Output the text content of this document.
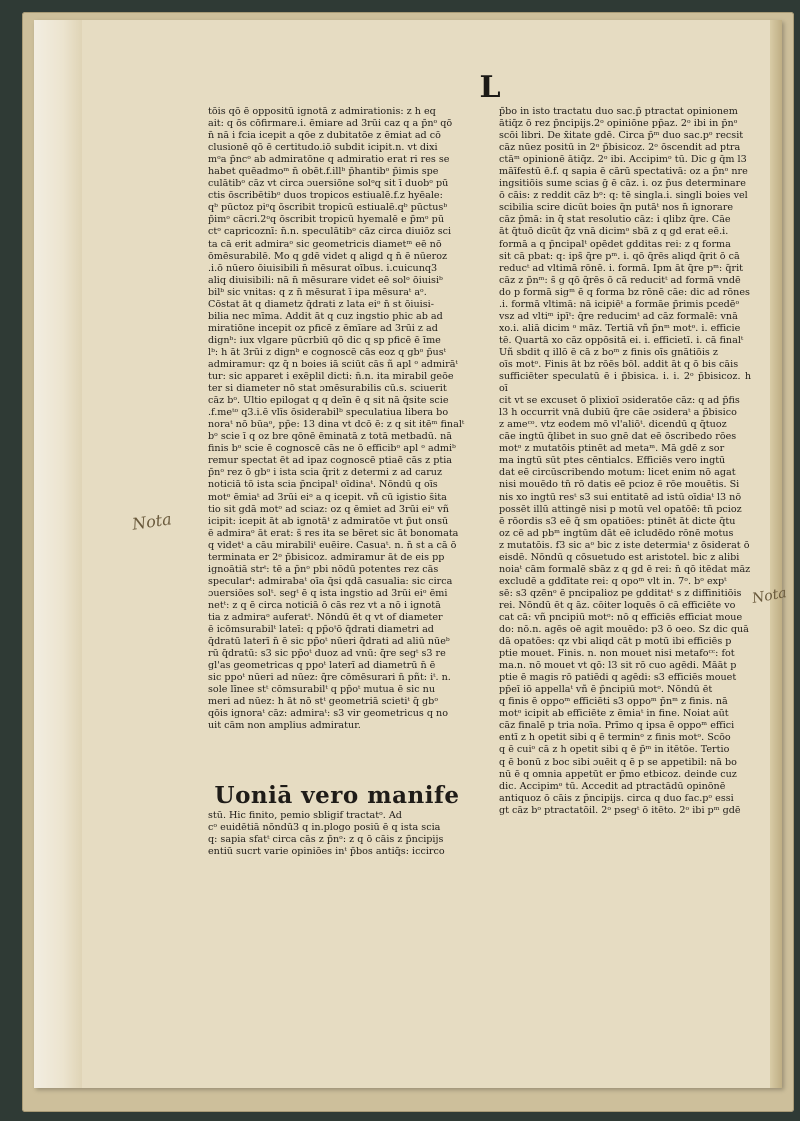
L
tōis qō ē oppositū ignotā z admirationis: z h̄ eq
ait: q ōs cōfirmare.i. ēmiare ad 3rūi caz q a p̄nᵒ qō
n̄ nā i fcia icepit a qōe z dubitatōe z ēmiat ad cō
clusionē qō ē certitudo.iō subdit icipit.n. vt dixi
mᵒa p̄ncᵒ ab admiratōne q admiratio erat ri res se
habet quēadmoᵐ n̄ obēt.f.illᵇ p̄hantibᵒ p̄imis spe
culātibᵒ cāz vt circa ɔuersiōne solᵒq sit ī duobᵒ pū
ctis ōscribētibᵒ duos tropicos estiualē.f.z hyēale:
qᵇ pūctoz piᵒq ōscribit tropicū estiualē.qᵇ pūctusᵇ
p̄imᵒ cācri.2ᵒq ōscribit tropicū hyemalē e p̄mᵒ pū
ctᵒ capricoznī: n̄.n. speculātibᵒ cāz circa diuiōz sci
ta cā erit admiraᵒ sic geometricis diametᵐ eē nō
ōmēsurabilē. Mo q gdē videt q aligd q n̄ ē nūeroz
.i.ō nūero ōiuisibili n̄ mēsurat oībus. i.cuicunq3
aliq diuisibili: nā n̄ mēsurare videt eē solᵒ ōiuisiᵇ
bilᵇ sic vnitas: q z n̄ mēsurat ī ipa mēsuraᵗ aᵒ.
Cōstat āt q diametz q̄drati z lata eiᵒ n̄ st ōiuisi-
bilia nec mīma. Addit āt q cuz ingstio phic ab ad
miratiōne incepit oz pficē z ēmīare ad 3rūi z ad
dignᵇ: iux vlgare pūcrbiū qō dic q sp pficē ē īme
lᵇ: h āt 3rūi z dignᵇ e cognoscē cās eoz q gbᵒ p̄usᵗ
admiramur: qz q̄ n boies iā sciūt cās ñ apl ᵒ admirāᵗ
tur: sic apparet i exēplil dicti: n̄.n. ita mirabil geōe
ter si diameter nō stat ɔmēsurabilis cū.s. sciuerit
cāz bᵒ. Ultio epilogat q q deīn ē q sit nā q̄site scie
.f.meᵗᵒ q3.i.ē vlīs ōsiderabilᵇ speculatiua libera bo
noraᵗ nō būaᵒ, pp̄e: 13 dina vt dcō ē: z q sit itēᵐ finalᵗ
bᵒ scie ī q oz bre qōnē ēminatā z totā metbadū. nā
finis bᵒ scie ē cognoscē cās ne ō efficibᵒ apl ᵒ admiᵇ
remur spectat ēt ad ipaz cognoscē ptiaē cās z ptia
p̄nᵒ rez ō gbᵒ i ista scia q̄rit z determi z ad caruz
noticiā tō ista scia p̄ncipalᵗ oīdinaᵗ. Nōndū q oīs
motᵒ ēmiaᵗ ad 3rūi eiᵒ a q icepit. vñ cū igistio s̄ita
tio sit gdā motᵒ ad sciaz: oz q ēmiet ad 3rūi eiᵒ vñ
icipit: icepit āt ab ignotāᵗ z admiratōe vt p̄ut onsū
ē admiraᵒ āt erat: s̄ res ita se bēret sic āt bonomata
q videtᵗ a cāu mirabiliᵗ euēire. Casuaᵗ. n. n̄ st a cā ō
terminata er 2ᵒ p̄bisicoz. admiramur āt de eis pp
ignoātiā strᵗ: tē a p̄nᵒ pbi nōdū potentes rez cās
specularᵗ: admirabaᵗ oīa q̄si qdā casualia: sic circa
ɔuersiōes solᵗ. segᵗ ē q ista ingstio ad 3rūi eiᵒ ēmi
netᵗ: z q ē circa noticiā ō cās rez vt a nō i ignotā
tia z admiraᵒ auferatᵗ. Nōndū ēt q vt of diameter
ē icōmsurabilᵗ lateī: q pp̄oᵗō q̄drati diametri ad
q̄dratū laterī n̄ ē sic pp̄oᵗ nūeri q̄drati ad aliū nūeᵇ
rū q̄dratū: s3 sic pp̄oᵗ duoz ad vnū: q̄re segᵗ s3 re
gl'as geometricas q ppoᵗ laterī ad diametrū n̄ ē
sic ppoᵗ nūeri ad nūez: q̄re cōmēsurari n̄ pñt: iᵗ. n.
sole līnee stᵗ cōmsurabilᵗ q pp̄oᵗ mutua ē sic nu
meri ad nūez: h āt nō stᵗ geometriā scietiᵗ q̄ gbᵒ
qōis ignoraᵗ cāz: admiraᵗ: s3 vir geometricus q no
uit cām non amplius admiratur.
Uoniā vero manife
stū. Hic finito, pemio sbligif tractatᵒ. Ad
cᵒ euidētiā nōndū3 q in.plogo posiū ē q ista scia
q: sapia sfatᵗ circa cās z p̄nᵒ: z q ō cāis z p̄ncipijs
entiū sucrt varie opiniōes inᵗ p̄bos antiq̄s: iccirco
p̄bo in isto tractatu duo sac.p̄ ptractat opinionem
ātiq̄z ō rez p̄ncipijs.2ᵒ opiniōne pp̄az. 2ᵒ ibi in p̄nᵒ
scōi libri. De x̄itate gdē. Circa p̄ᵐ duo sac.pᵒ recsit
cāz nūez positū in 2ᵒ p̄bisicoz. 2ᵒ ōscendit ad ptra
ctāᵐ opinionē ātiq̄z. 2ᵒ ibi. Accipimᵒ tū. Dic g q̄m l3
māīfestū ē.f. q sapia ē cārū spectativā: oz a p̄nᵒ nre
ingsitiōis sume scias ḡ ē cāz. i. oz p̄us determinare
ō cāis: z reddit cāz bᵒ: q: tē singla.i. singli boies vel
scibilia scire dicūt boies q̄n putāᵗ nos n̄ ignorare
cāz p̄mā: in q̄ stat resolutio cāz: i qlibz q̄re. Cāe
āt q̄tuō dicūt q̄z vnā dicimᵒ sbā z q gd erat eē.i.
formā a q p̄ncipalᵗ opēdet gdditas rei: z q forma
sit cā pbat: q: ips̄ q̄re pᵐ. i. qō q̄rēs aliqd q̄rit ō cā
reducᵗ ad vltimā rōnē. i. formā. Ipm āt q̄re pᵐ: q̄rit
cāz z p̄nᵐ: s̄ g qō q̄rēs ō cā reducitᵗ ad formā vndē
do p formā sigᵐ ē q forma bz rōnē cāe: dic ad rōnes
.i. formā vltimā: nā icipiēᵗ a formāe p̄rimis pcedēᵒ
vsz ad vltiᵐ ipīᵗ: q̄re reducimᵗ ad cāz formalē: vnā
xo.i. aliā dicim ᵒ māz. Tertiā vñ p̄nᵐ motᵒ. i. efficie
tē. Quartā xo cāz oppōsitā ei. i. efficietī. i. cā finalᵗ
Uñ sbdit q illō ē cā z boᵐ z finis oīs gnātiōis z
oīs motᵒ. Finis āt bz rōēs bōl. addit āt q ō bis cāis
sufficiēter speculatū ē i p̄bisica. i. i. 2ᵒ p̄bisicoz. h oī
cit vt se excuset ō plixioī ɔsideratōe cāz: q ad p̄fis
l3 h occurrit vnā dubiū q̄re cāe ɔsideraᵗ a p̄bisico
z ameᶜᵒ. vtz eodem mō vl'aliōᵗ. dicendū q q̄tuoz
cāe ingtū q̄libet in suo gnē dat eē ōscribedo rōes
motᵒ z mutatōis ptinēt ad metaᵐ. Mā gdē z sor
ma ingtū sūt ptes cēntialcs. Efficiēs vero ingtū
dat eē circūscribendo motum: licet enim nō agat
nisi mouēdo tn̄ rō datis eē pcioz ē rōe mouētis. Si
nis xo ingtū resᵗ s3 sui entitatē ad istū oīdiaᵗ l3 nō
possēt illū attingē nisi p motū vel opatōē: tn̄ pcioz
ē rōordis s3 eē q̄ sm opatiōes: ptinēt āt dicte q̄tu
oz cē ad pbᵐ ingtūm dāt eē icludēdo rōnē motus
z mutatōis. f3 sic aᵒ bic z iste determiaᵗ z ōsiderat ō
eisdē. Nōndū q cōsuetudo est aristotel. bic z alibi
noiaᵗ cām formalē sbāz z q gd ē rei: n̄ qō itēdat māz
excludē a gddītate rei: q opoᵐ vlt in. 7ᵒ. bᵒ expᵗ
sē: s3 qzēnᵒ ē pncipalioz pe gdditatᵗ s z diffinitiōis
rei. Nōndū ēt q āz. cōiter loquēs ō cā efficiēte vo
cat cā: vñ pncipiū motᵒ: nō q efficiēs efficiat moue
do: nō.n. agēs oē agit mouēdo: p3 ō oeo. Sz dic quā
dā opatōes: qz vbi aliqd cāt p motū ibi efficiēs p
ptie mouet. Finis. n. non mouet nisi metafoᶜᶜ: fot
ma.n. nō mouet vt qō: l3 sit rō cuo agēdi. Māāt p
ptie ē magis rō patiēdi q agēdi: s3 efficiēs mouet
pp̄eī iō appellaᵗ vñ ē p̄ncipiū motᵒ. Nōndū ēt
q finis ē oppoᵐ efficiēti s3 oppoᵐ p̄nᵐ z finis. nā
motᵒ icipit ab efficiēte z ēmiaᵗ in fine. Noiat aūt
cāz finalē p tria noīa. Prīmo q ipsa ē oppoᵐ effici
entī z h opetit sibi q ē terminᵒ z finis motᵒ. Scōo
q ē cuiᵒ cā z h opetit sibi q ē p̄ᵐ in itētōe. Tertio
q ē bonū z boc sibi ɔuēit q ē p se appetibil: nā bo
nū ē q omnia appetūt er p̄mo etbicoz. deinde cuz
dic. Accipimᵒ tū. Accedit ad ptractādū opinōnē
antiquoz ō cāis z p̄ncipijs. circa q duo fac.pᵒ essi
gt cāz bᵒ ptractatōil. 2ᵒ psegᵗ ō itēto. 2ᵒ ibi pᵐ gdē
Nota
Nota
